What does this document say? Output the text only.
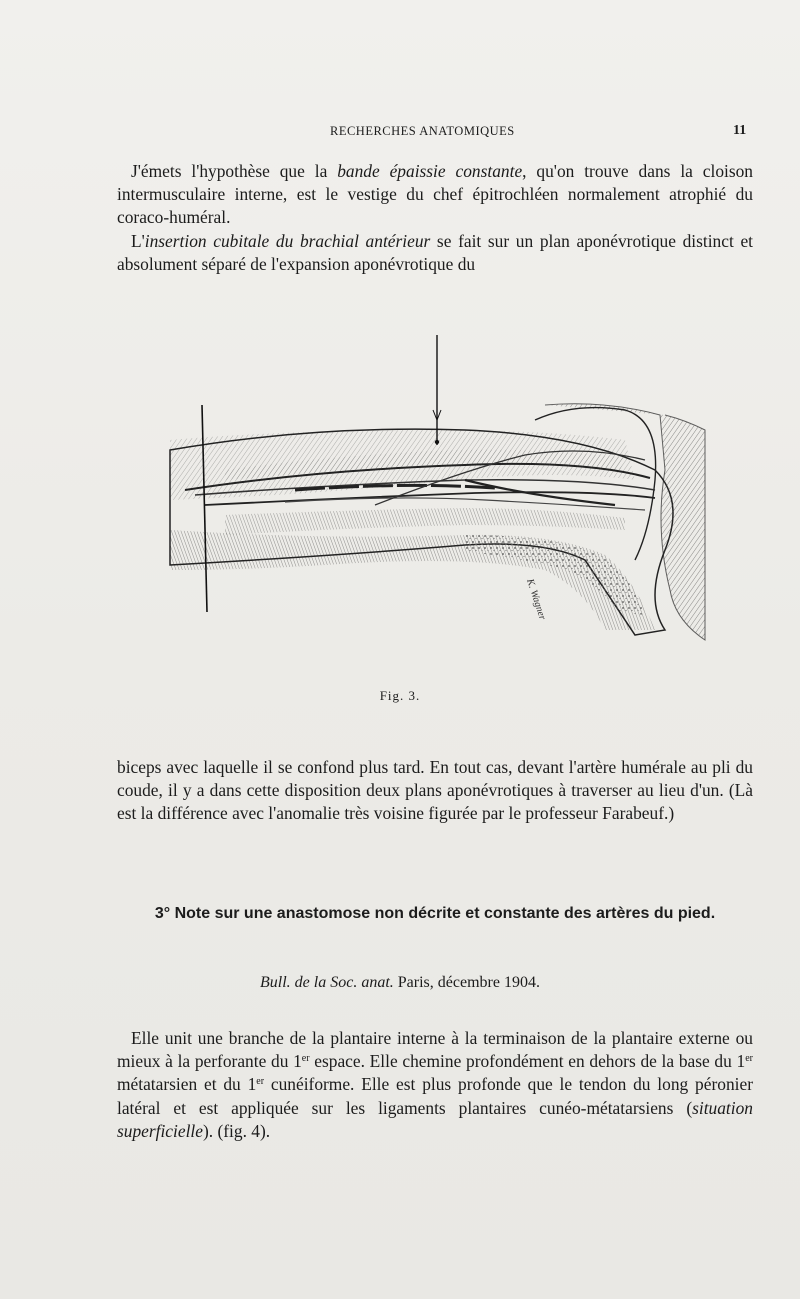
RECHERCHES ANATOMIQUES	11

J'émets l'hypothèse que la bande épaissie constante, qu'on trouve dans la cloison intermusculaire interne, est le vestige du chef épitrochléen normalement atrophié du coraco-huméral.

L'insertion cubitale du brachial antérieur se fait sur un plan aponévrotique distinct et absolument séparé de l'expansion aponévrotique du

K. Wagner
Fig. 3.

biceps avec laquelle il se confond plus tard. En tout cas, devant l'artère humérale au pli du coude, il y a dans cette disposition deux plans aponévrotiques à traverser au lieu d'un. (Là est la différence avec l'anomalie très voisine figurée par le professeur Farabeuf.)

3° Note sur une anastomose non décrite et constante des artères du pied.
Bull. de la Soc. anat. Paris, décembre 1904.

Elle unit une branche de la plantaire interne à la terminaison de la plantaire externe ou mieux à la perforante du 1er espace. Elle chemine profondément en dehors de la base du 1er métatarsien et du 1er cunéiforme. Elle est plus profonde que le tendon du long péronier latéral et est appliquée sur les ligaments plantaires cunéo-métatarsiens (situation superficielle). (fig. 4).
